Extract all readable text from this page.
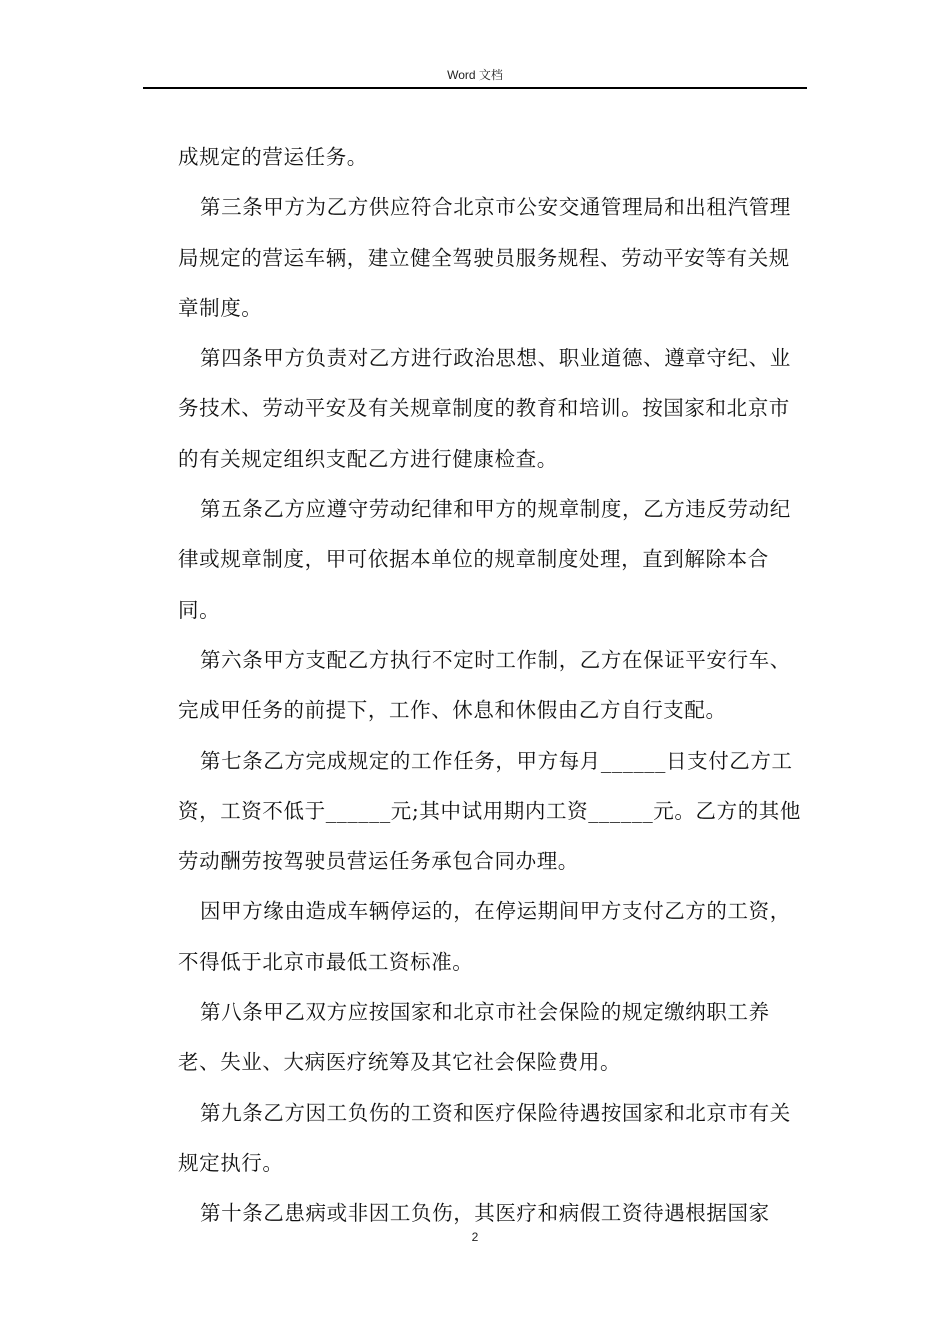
Word 文档

成规定的营运任务。

第三条甲方为乙方供应符合北京市公安交通管理局和出租汽管理局规定的营运车辆，建立健全驾驶员服务规程、劳动平安等有关规章制度。

第四条甲方负责对乙方进行政治思想、职业道德、遵章守纪、业务技术、劳动平安及有关规章制度的教育和培训。按国家和北京市的有关规定组织支配乙方进行健康检查。

第五条乙方应遵守劳动纪律和甲方的规章制度，乙方违反劳动纪律或规章制度，甲可依据本单位的规章制度处理，直到解除本合同。

第六条甲方支配乙方执行不定时工作制，乙方在保证平安行车、完成甲任务的前提下，工作、休息和休假由乙方自行支配。

第七条乙方完成规定的工作任务，甲方每月______日支付乙方工资，工资不低于______元;其中试用期内工资______元。乙方的其他劳动酬劳按驾驶员营运任务承包合同办理。

因甲方缘由造成车辆停运的，在停运期间甲方支付乙方的工资，不得低于北京市最低工资标准。

第八条甲乙双方应按国家和北京市社会保险的规定缴纳职工养老、失业、大病医疗统筹及其它社会保险费用。

第九条乙方因工负伤的工资和医疗保险待遇按国家和北京市有关规定执行。

第十条乙患病或非因工负伤，其医疗和病假工资待遇根据国家

2
